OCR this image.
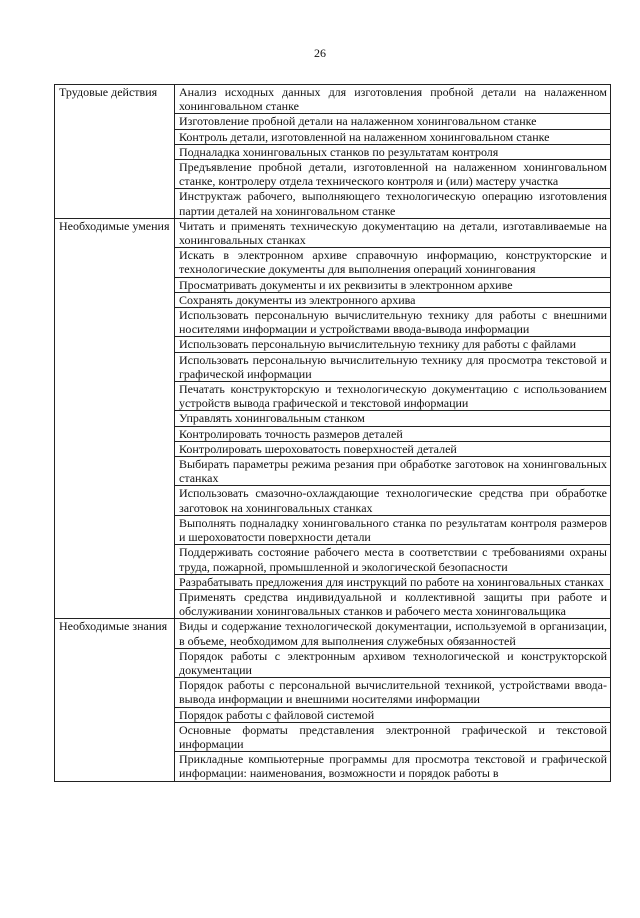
26
Трудовые действия	Анализ исходных данных для изготовления пробной детали на налаженном хонинговальном станке
	Изготовление пробной детали на налаженном хонинговальном станке
	Контроль детали, изготовленной на налаженном хонинговальном станке
	Подналадка хонинговальных станков по результатам контроля
	Предъявление пробной детали, изготовленной на налаженном хонинговальном станке, контролеру отдела технического контроля и (или) мастеру участка
	Инструктаж рабочего, выполняющего технологическую операцию изготовления партии деталей на хонинговальном станке
Необходимые умения	Читать и применять техническую документацию на детали, изготавливаемые на хонинговальных станках
	Искать в электронном архиве справочную информацию, конструкторские и технологические документы для выполнения операций хонингования
	Просматривать документы и их реквизиты в электронном архиве
	Сохранять документы из электронного архива
	Использовать персональную вычислительную технику для работы с внешними носителями информации и устройствами ввода-вывода информации
	Использовать персональную вычислительную технику для работы с файлами
	Использовать персональную вычислительную технику для просмотра текстовой и графической информации
	Печатать конструкторскую и технологическую документацию с использованием устройств вывода графической и текстовой информации
	Управлять хонинговальным станком
	Контролировать точность размеров деталей
	Контролировать шероховатость поверхностей деталей
	Выбирать параметры режима резания при обработке заготовок на хонинговальных станках
	Использовать смазочно-охлаждающие технологические средства при обработке заготовок на хонинговальных станках
	Выполнять подналадку хонинговального станка по результатам контроля размеров и шероховатости поверхности детали
	Поддерживать состояние рабочего места в соответствии с требованиями охраны труда, пожарной, промышленной и экологической безопасности
	Разрабатывать предложения для инструкций по работе на хонинговальных станках
	Применять средства индивидуальной и коллективной защиты при работе и обслуживании хонинговальных станков и рабочего места хонинговальщика
Необходимые знания	Виды и содержание технологической документации, используемой в организации, в объеме, необходимом для выполнения служебных обязанностей
	Порядок работы с электронным архивом технологической и конструкторской документации
	Порядок работы с персональной вычислительной техникой, устройствами ввода-вывода информации и внешними носителями информации
	Порядок работы с файловой системой
	Основные форматы представления электронной графической и текстовой информации
	Прикладные компьютерные программы для просмотра текстовой и графической информации: наименования, возможности и порядок работы в
